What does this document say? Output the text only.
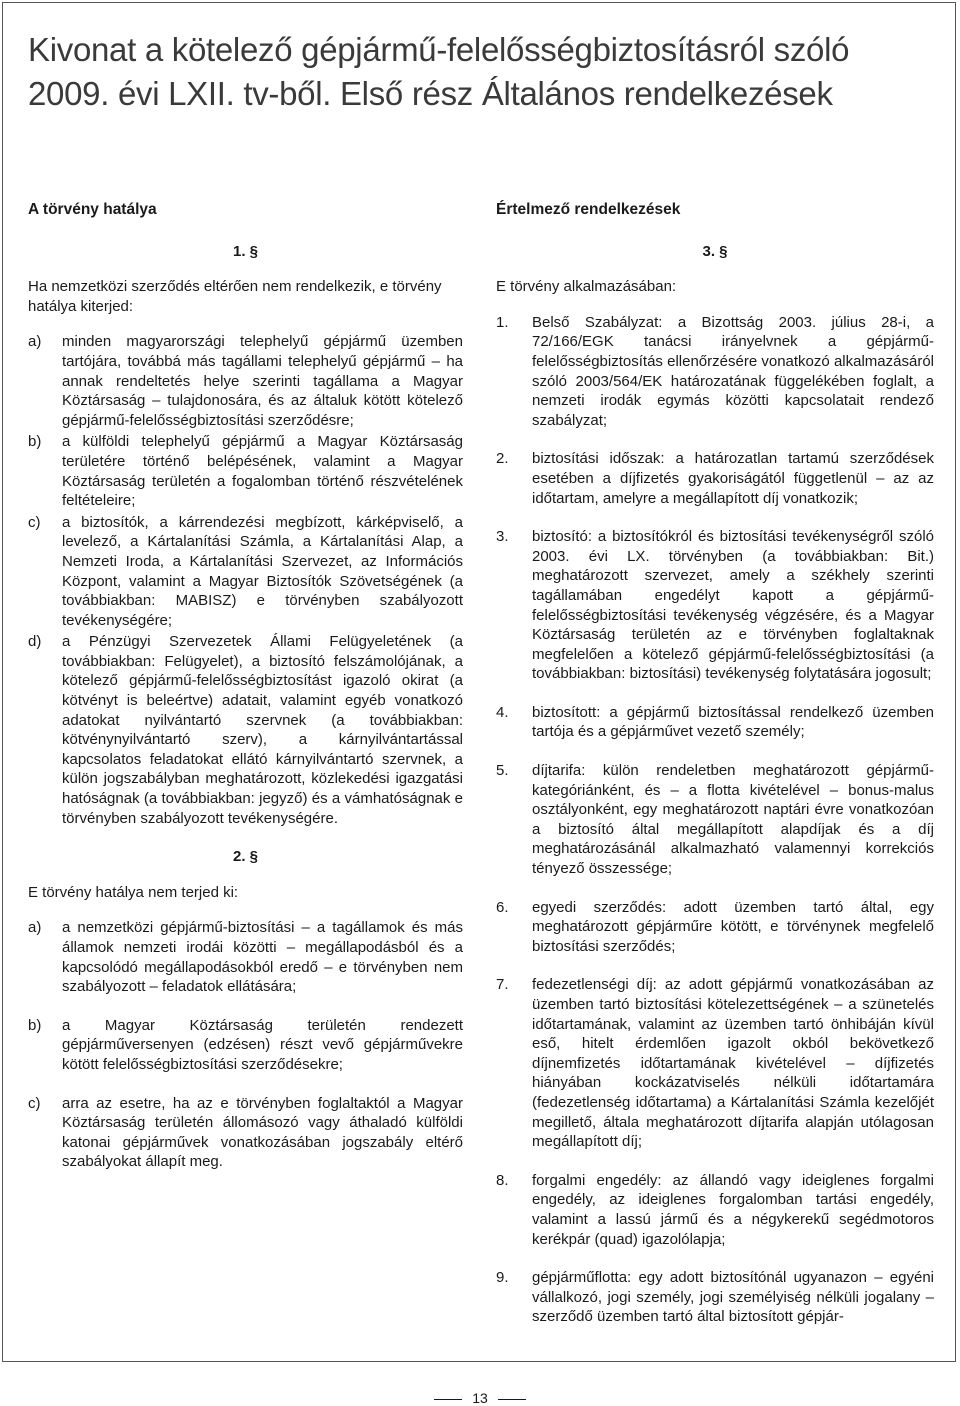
Kivonat a kötelező gépjármű-felelősségbiztosításról szóló
2009. évi LXII. tv-ből. Első rész Általános rendelkezések

A törvény hatálya

1. §

Ha nemzetközi szerződés eltérően nem rendelkezik, e törvény hatálya kiterjed:

a)	minden magyarországi telephelyű gépjármű üzemben tartójára, továbbá más tagállami telephelyű gépjármű – ha annak rendeltetés helye szerinti tagállama a Magyar Köztársaság – tulajdonosára, és az általuk kötött kötelező gépjármű-felelősségbiztosítási szerződésre;
b)	a külföldi telephelyű gépjármű a Magyar Köztársaság területére történő belépésének, valamint a Magyar Köztársaság területén a fogalomban történő részvételének feltételeire;
c)	a biztosítók, a kárrendezési megbízott, kárképviselő, a levelező, a Kártalanítási Számla, a Kártalanítási Alap, a Nemzeti Iroda, a Kártalanítási Szervezet, az Információs Központ, valamint a Magyar Biztosítók Szövetségének (a továbbiakban: MABISZ) e törvényben szabályozott tevékenységére;
d)	a Pénzügyi Szervezetek Állami Felügyeletének (a továbbiakban: Felügyelet), a biztosító felszámolójának, a kötelező gépjármű-felelősségbiztosítást igazoló okirat (a kötvényt is beleértve) adatait, valamint egyéb vonatkozó adatokat nyilvántartó szervnek (a továbbiakban: kötvénynyilvántartó szerv), a kárnyilvántartással kapcsolatos feladatokat ellátó kárnyilvántartó szervnek, a külön jogszabályban meghatározott, közlekedési igazgatási hatóságnak (a továbbiakban: jegyző) és a vámhatóságnak e törvényben szabályozott tevékenységére.

2. §

E törvény hatálya nem terjed ki:

a)	a nemzetközi gépjármű-biztosítási – a tagállamok és más államok nemzeti irodái közötti – megállapodásból és a kapcsolódó megállapodásokból eredő – e törvényben nem szabályozott – feladatok ellátására;
b)	a Magyar Köztársaság területén rendezett gépjárműversenyen (edzésen) részt vevő gépjárművekre kötött felelősségbiztosítási szerződésekre;
c)	arra az esetre, ha az e törvényben foglaltaktól a Magyar Köztársaság területén állomásozó vagy áthaladó külföldi katonai gépjárművek vonatkozásában jogszabály eltérő szabályokat állapít meg.

Értelmező rendelkezések

3. §

E törvény alkalmazásában:

1.	Belső Szabályzat: a Bizottság 2003. július 28-i, a 72/166/EGK tanácsi irányelvnek a gépjármű-felelősségbiztosítás ellenőrzésére vonatkozó alkalmazásáról szóló 2003/564/EK határozatának függelékében foglalt, a nemzeti irodák egymás közötti kapcsolatait rendező szabályzat;
2.	biztosítási időszak: a határozatlan tartamú szerződések esetében a díjfizetés gyakoriságától függetlenül – az az időtartam, amelyre a megállapított díj vonatkozik;
3.	biztosító: a biztosítókról és biztosítási tevékenységről szóló 2003. évi LX. törvényben (a továbbiakban: Bit.) meghatározott szervezet, amely a székhely szerinti tagállamában engedélyt kapott a gépjármű-felelősségbiztosítási tevékenység végzésére, és a Magyar Köztársaság területén az e törvényben foglaltaknak megfelelően a kötelező gépjármű-felelősségbiztosítási (a továbbiakban: biztosítási) tevékenység folytatására jogosult;
4.	biztosított: a gépjármű biztosítással rendelkező üzemben tartója és a gépjárművet vezető személy;
5.	díjtarifa: külön rendeletben meghatározott gépjármű-kategóriánként, és – a flotta kivételével – bonus-malus osztályonként, egy meghatározott naptári évre vonatkozóan a biztosító által megállapított alapdíjak és a díj meghatározásánál alkalmazható valamennyi korrekciós tényező összessége;
6.	egyedi szerződés: adott üzemben tartó által, egy meghatározott gépjárműre kötött, e törvénynek megfelelő biztosítási szerződés;
7.	fedezetlenségi díj: az adott gépjármű vonatkozásában az üzemben tartó biztosítási kötelezettségének – a szünetelés időtartamának, valamint az üzemben tartó önhibáján kívül eső, hitelt érdemlően igazolt okból bekövetkező díjnemfizetés időtartamának kivételével – díjfizetés hiányában kockázatviselés nélküli időtartamára (fedezetlenség időtartama) a Kártalanítási Számla kezelőjét megillető, általa meghatározott díjtarifa alapján utólagosan megállapított díj;
8.	forgalmi engedély: az állandó vagy ideiglenes forgalmi engedély, az ideiglenes forgalomban tartási engedély, valamint a lassú jármű és a négykerekű segédmotoros kerékpár (quad) igazolólapja;
9.	gépjárműflotta: egy adott biztosítónál ugyanazon – egyéni vállalkozó, jogi személy, jogi személyiség nélküli jogalany – szerződő üzemben tartó által biztosított gépjár-
13
